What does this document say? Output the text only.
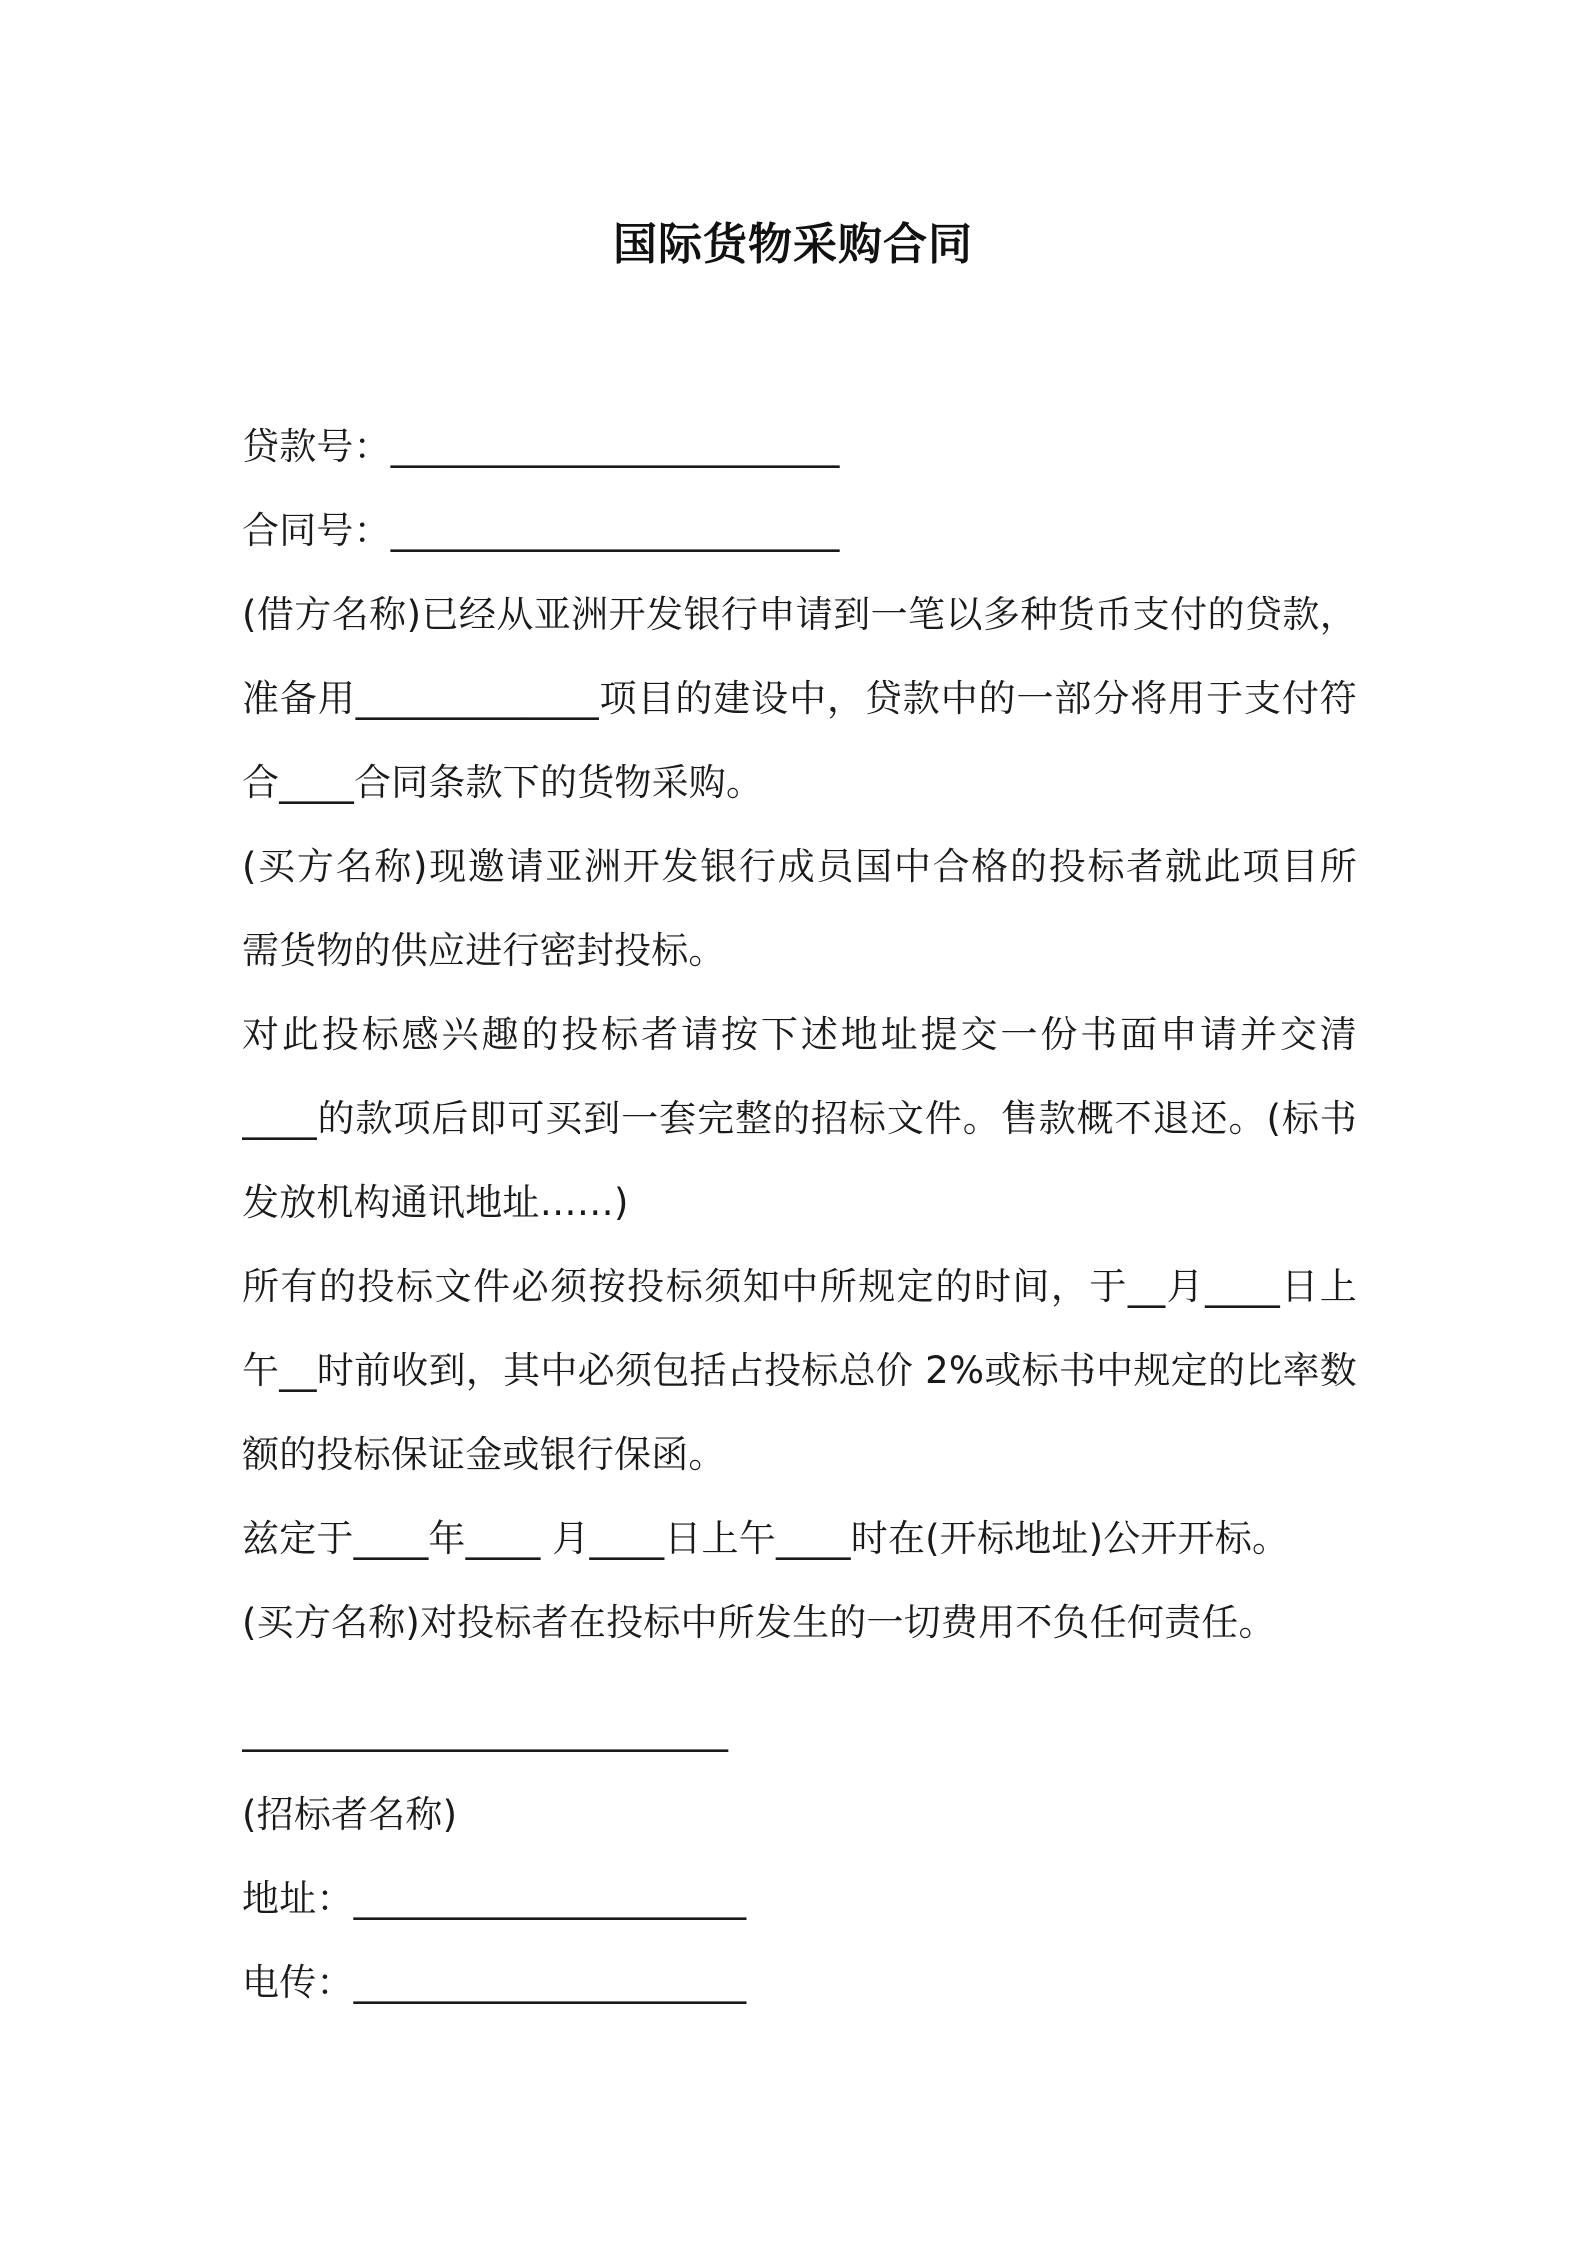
国际货物采购合同
贷款号：________________________
合同号：________________________
(借方名称)已经从亚洲开发银行申请到一笔以多种货币支付的贷款，
准备用_____________项目的建设中，贷款中的一部分将用于支付符
合____合同条款下的货物采购。
(买方名称)现邀请亚洲开发银行成员国中合格的投标者就此项目所
需货物的供应进行密封投标。
对此投标感兴趣的投标者请按下述地址提交一份书面申请并交清
____的款项后即可买到一套完整的招标文件。售款概不退还。(标书
发放机构通讯地址……)
所有的投标文件必须按投标须知中所规定的时间，于__月____日上
午__时前收到，其中必须包括占投标总价 2%或标书中规定的比率数
额的投标保证金或银行保函。
兹定于____年____ 月____日上午____时在(开标地址)公开开标。
(买方名称)对投标者在投标中所发生的一切费用不负任何责任。
__________________________
(招标者名称)
地址：_____________________
电传：_____________________
